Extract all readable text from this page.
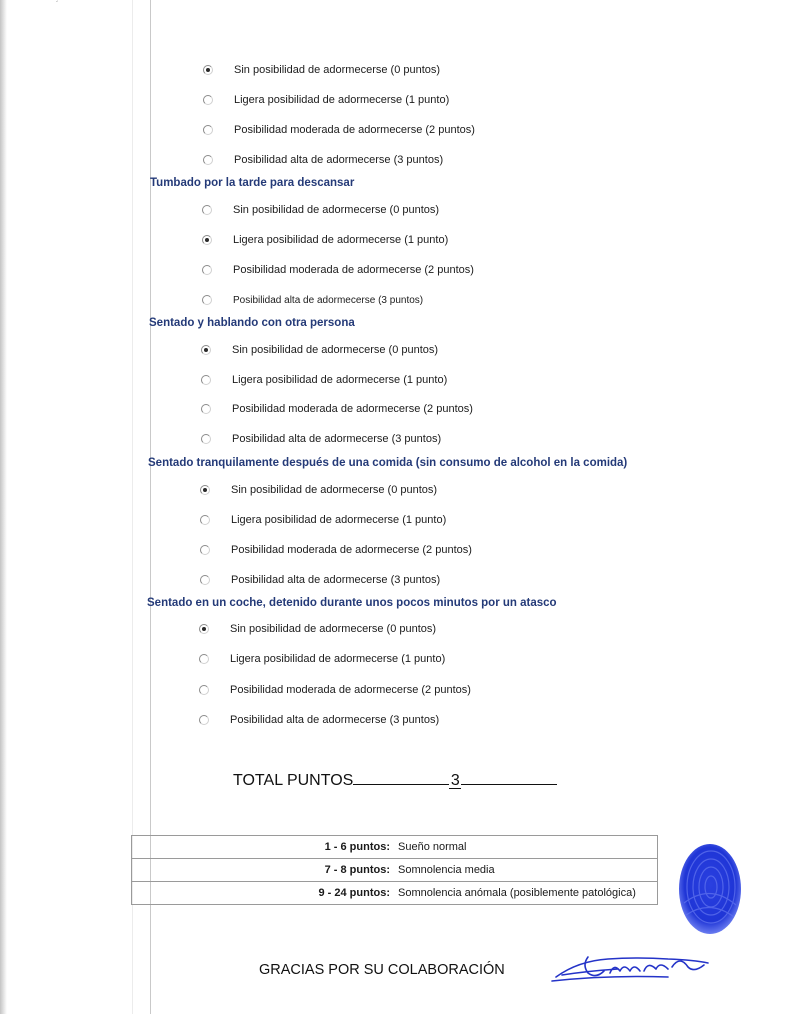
´
Sin posibilidad de adormecerse (0 puntos)
Ligera posibilidad de adormecerse (1 punto)
Posibilidad moderada de adormecerse (2 puntos)
Posibilidad alta de adormecerse (3 puntos)
Tumbado por la tarde para descansar
Sin posibilidad de adormecerse (0 puntos)
Ligera posibilidad de adormecerse (1 punto)
Posibilidad moderada de adormecerse (2 puntos)
Posibilidad alta de adormecerse (3 puntos)
Sentado y hablando con otra persona
Sin posibilidad de adormecerse (0 puntos)
Ligera posibilidad de adormecerse (1 punto)
Posibilidad moderada de adormecerse (2 puntos)
Posibilidad alta de adormecerse (3 puntos)
Sentado tranquilamente después de una comida (sin consumo de alcohol en la comida)
Sin posibilidad de adormecerse (0 puntos)
Ligera posibilidad de adormecerse (1 punto)
Posibilidad moderada de adormecerse (2 puntos)
Posibilidad alta de adormecerse (3 puntos)
Sentado en un coche, detenido durante unos pocos minutos por un atasco
Sin posibilidad de adormecerse (0 puntos)
Ligera posibilidad de adormecerse (1 punto)
Posibilidad moderada de adormecerse (2 puntos)
Posibilidad alta de adormecerse (3 puntos)
TOTAL PUNTOS	3
1 - 6 puntos:	Sueño normal
7 - 8 puntos:	Somnolencia media
9 - 24 puntos:	Somnolencia anómala (posiblemente patológica)
GRACIAS POR SU COLABORACIÓN
